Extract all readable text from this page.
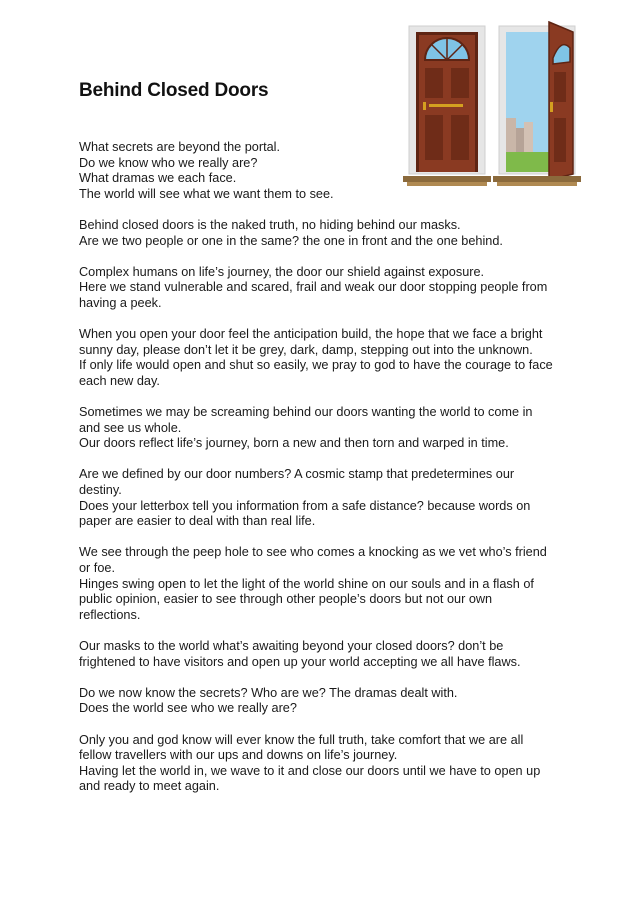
Behind Closed Doors

What secrets are beyond the portal.
Do we know who we really are?
What dramas we each face.
The world will see what we want them to see.

Behind closed doors is the naked truth, no hiding behind our masks.
Are we two people or one in the same? the one in front and the one behind.

Complex humans on life’s journey, the door our shield against exposure.
Here we stand vulnerable and scared, frail and weak our door stopping people from
having a peek.

When you open your door feel the anticipation build, the hope that we face a bright
sunny day, please don’t let it be grey, dark, damp, stepping out into the unknown.
If only life would open and shut so easily, we pray to god to have the courage to face
each new day.

Sometimes we may be screaming behind our doors wanting the world to come in
and see us whole.
Our doors reflect life’s journey, born a new and then torn and warped in time.

Are we defined by our door numbers? A cosmic stamp that predetermines our
destiny.
Does your letterbox tell you information from a safe distance? because words on
paper are easier to deal with than real life.

We see through the peep hole to see who comes a knocking as we vet who’s friend
or foe.
Hinges swing open to let the light of the world shine on our souls and in a flash of
public opinion, easier to see through other people’s doors but not our own
reflections.

Our masks to the world what’s awaiting beyond your closed doors? don’t be
frightened to have visitors and open up your world accepting we all have flaws.

Do we now know the secrets? Who are we? The dramas dealt with.
Does the world see who we really are?

Only you and god know will ever know the full truth, take comfort that we are all
fellow travellers with our ups and downs on life’s journey.
Having let the world in, we wave to it and close our doors until we have to open up
and ready to meet again.
